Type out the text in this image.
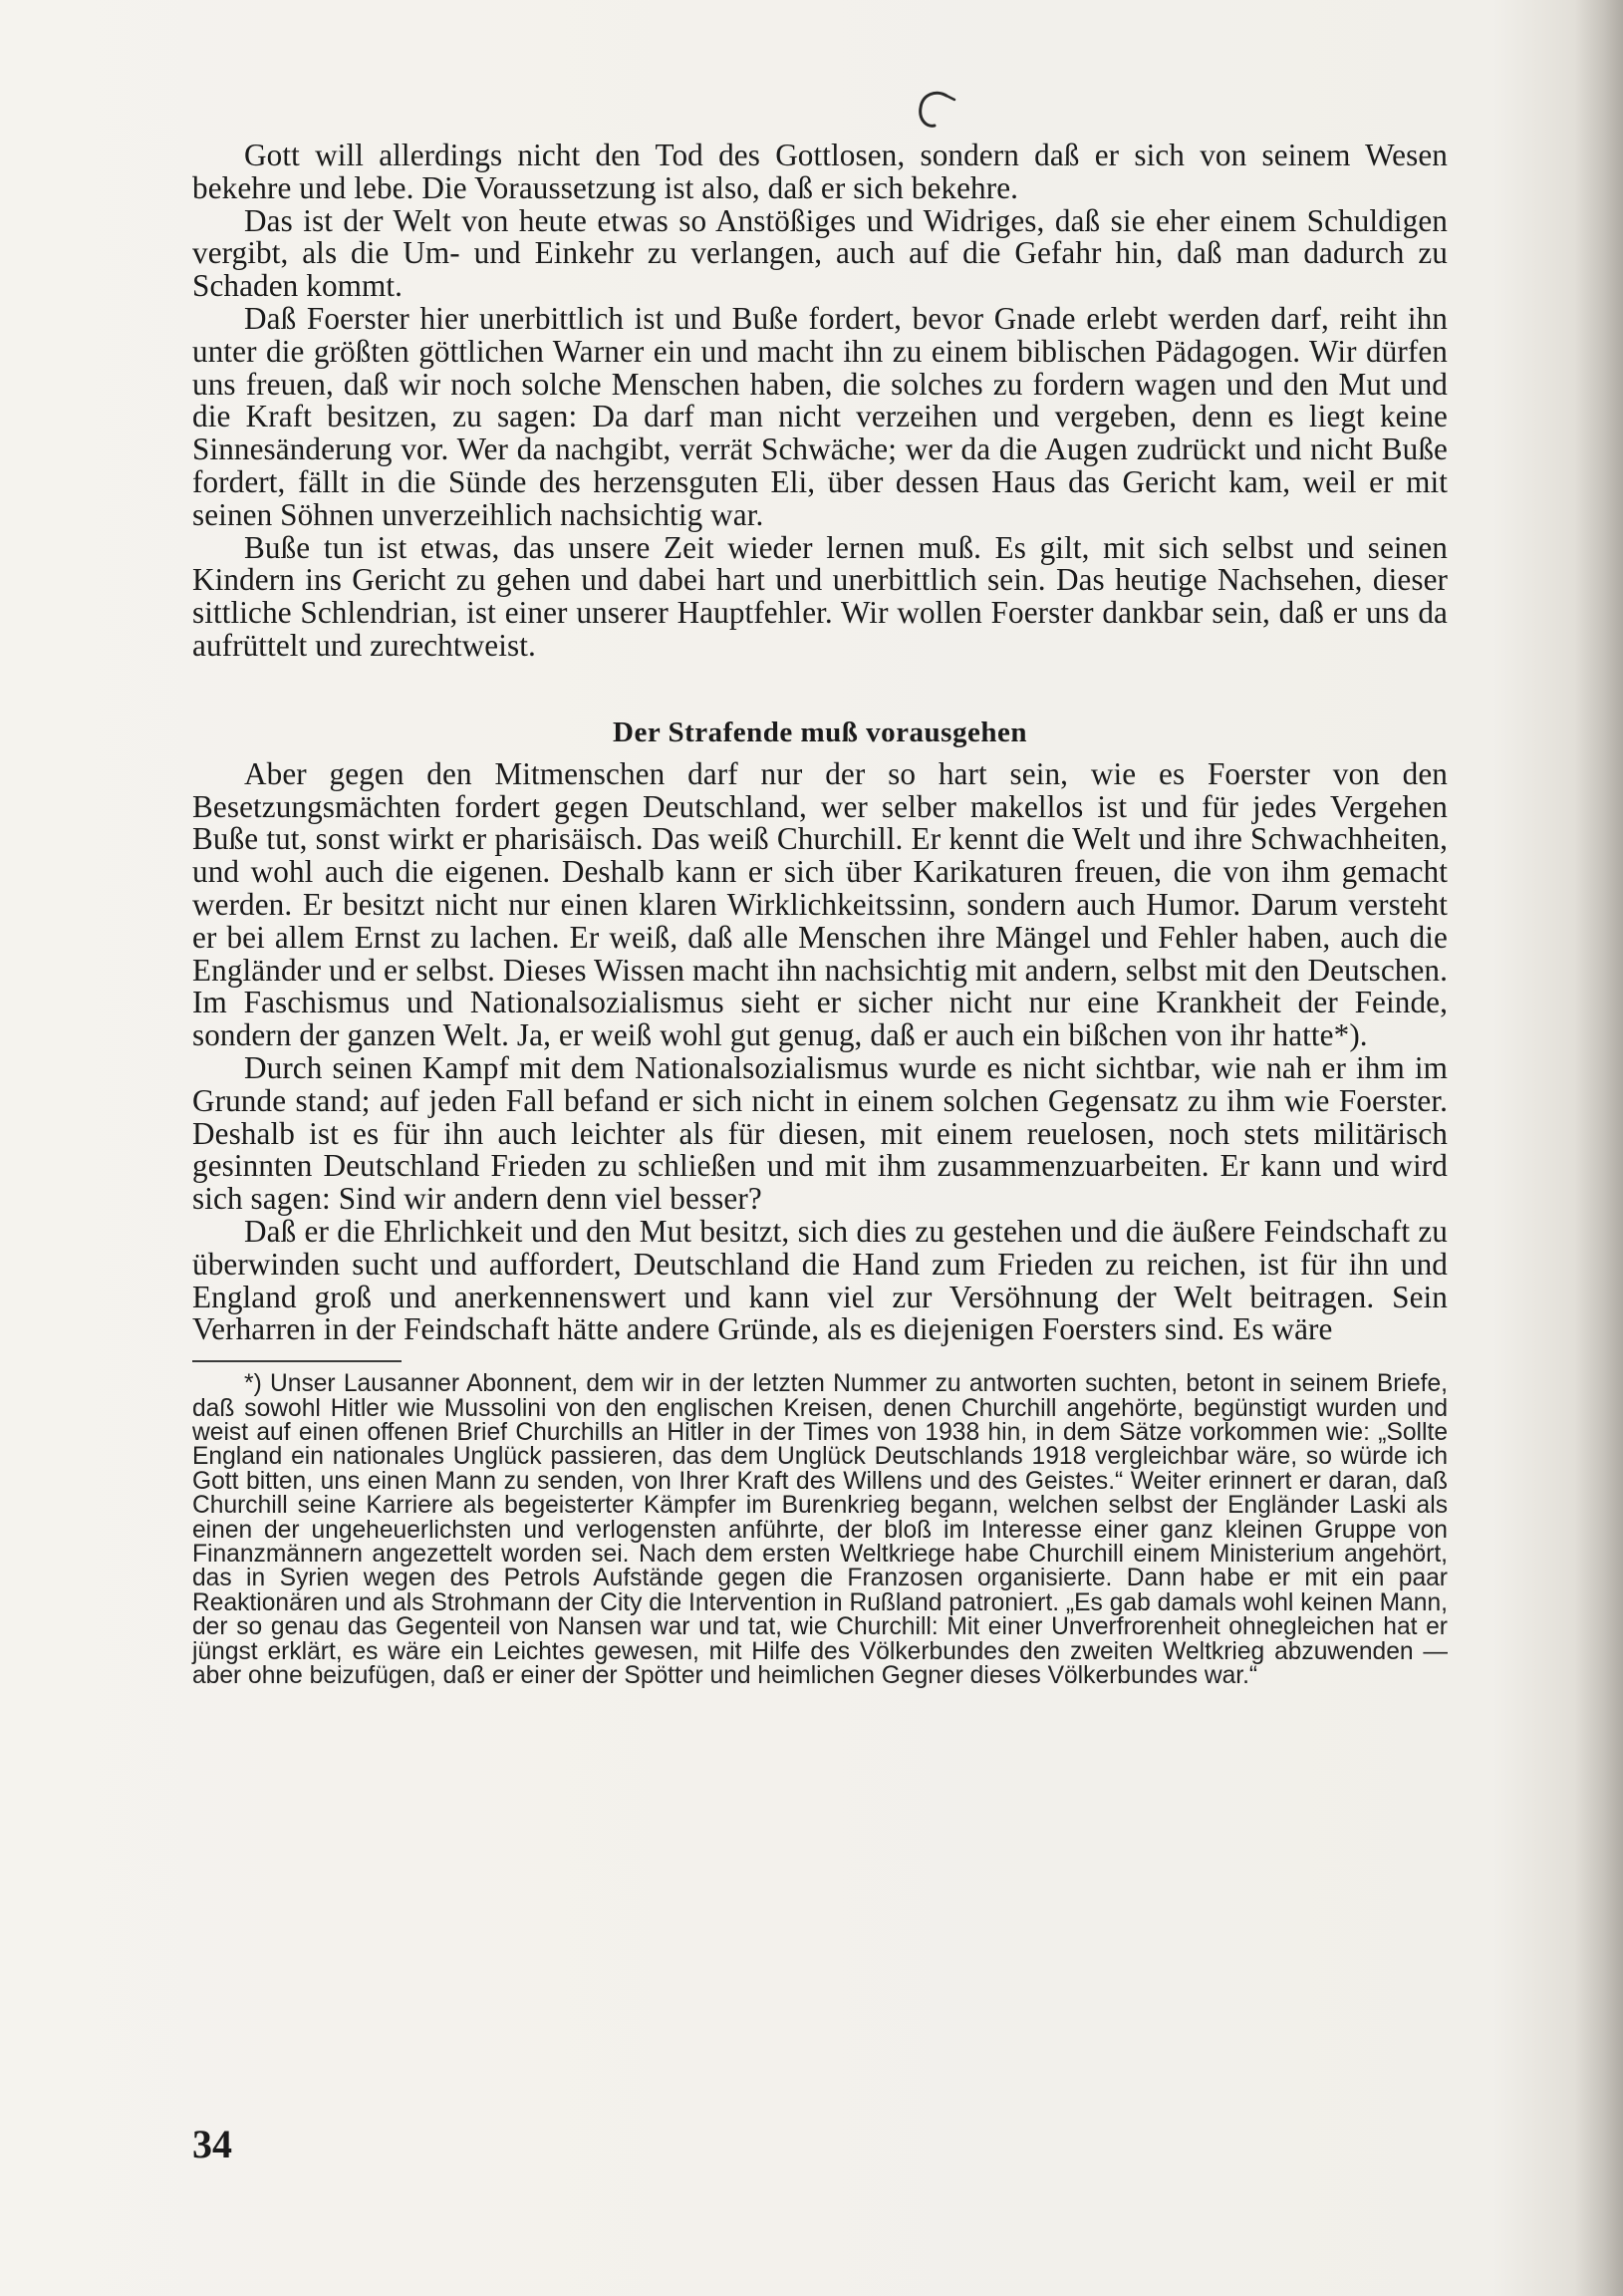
Gott will allerdings nicht den Tod des Gottlosen, sondern daß er sich von seinem Wesen bekehre und lebe. Die Voraussetzung ist also, daß er sich bekehre.

Das ist der Welt von heute etwas so Anstößiges und Widriges, daß sie eher einem Schuldigen vergibt, als die Um- und Einkehr zu verlangen, auch auf die Gefahr hin, daß man dadurch zu Schaden kommt.

Daß Foerster hier unerbittlich ist und Buße fordert, bevor Gnade erlebt werden darf, reiht ihn unter die größten göttlichen Warner ein und macht ihn zu einem biblischen Pädagogen. Wir dürfen uns freuen, daß wir noch solche Menschen haben, die solches zu fordern wagen und den Mut und die Kraft besitzen, zu sagen: Da darf man nicht verzeihen und vergeben, denn es liegt keine Sinnesänderung vor. Wer da nachgibt, verrät Schwäche; wer da die Augen zudrückt und nicht Buße fordert, fällt in die Sünde des herzensguten Eli, über dessen Haus das Gericht kam, weil er mit seinen Söhnen unverzeihlich nachsichtig war.

Buße tun ist etwas, das unsere Zeit wieder lernen muß. Es gilt, mit sich selbst und seinen Kindern ins Gericht zu gehen und dabei hart und unerbittlich sein. Das heutige Nachsehen, dieser sittliche Schlendrian, ist einer unserer Hauptfehler. Wir wollen Foerster dankbar sein, daß er uns da aufrüttelt und zurechtweist.

Der Strafende muß vorausgehen

Aber gegen den Mitmenschen darf nur der so hart sein, wie es Foerster von den Besetzungsmächten fordert gegen Deutschland, wer selber makellos ist und für jedes Vergehen Buße tut, sonst wirkt er pharisäisch. Das weiß Churchill. Er kennt die Welt und ihre Schwachheiten, und wohl auch die eigenen. Deshalb kann er sich über Karikaturen freuen, die von ihm gemacht werden. Er besitzt nicht nur einen klaren Wirklichkeitssinn, sondern auch Humor. Darum versteht er bei allem Ernst zu lachen. Er weiß, daß alle Menschen ihre Mängel und Fehler haben, auch die Engländer und er selbst. Dieses Wissen macht ihn nachsichtig mit andern, selbst mit den Deutschen. Im Faschismus und Nationalsozialismus sieht er sicher nicht nur eine Krankheit der Feinde, sondern der ganzen Welt. Ja, er weiß wohl gut genug, daß er auch ein bißchen von ihr hatte*).

Durch seinen Kampf mit dem Nationalsozialismus wurde es nicht sichtbar, wie nah er ihm im Grunde stand; auf jeden Fall befand er sich nicht in einem solchen Gegensatz zu ihm wie Foerster. Deshalb ist es für ihn auch leichter als für diesen, mit einem reuelosen, noch stets militärisch gesinnten Deutschland Frieden zu schließen und mit ihm zusammenzuarbeiten. Er kann und wird sich sagen: Sind wir andern denn viel besser?

Daß er die Ehrlichkeit und den Mut besitzt, sich dies zu gestehen und die äußere Feindschaft zu überwinden sucht und auffordert, Deutschland die Hand zum Frieden zu reichen, ist für ihn und England groß und anerkennenswert und kann viel zur Versöhnung der Welt beitragen. Sein Verharren in der Feindschaft hätte andere Gründe, als es diejenigen Foersters sind. Es wäre

*) Unser Lausanner Abonnent, dem wir in der letzten Nummer zu antworten suchten, betont in seinem Briefe, daß sowohl Hitler wie Mussolini von den englischen Kreisen, denen Churchill angehörte, begünstigt wurden und weist auf einen offenen Brief Churchills an Hitler in der Times von 1938 hin, in dem Sätze vorkommen wie: „Sollte England ein nationales Unglück passieren, das dem Unglück Deutschlands 1918 vergleichbar wäre, so würde ich Gott bitten, uns einen Mann zu senden, von Ihrer Kraft des Willens und des Geistes.“ Weiter erinnert er daran, daß Churchill seine Karriere als begeisterter Kämpfer im Burenkrieg begann, welchen selbst der Engländer Laski als einen der ungeheuerlichsten und verlogensten anführte, der bloß im Interesse einer ganz kleinen Gruppe von Finanzmännern angezettelt worden sei. Nach dem ersten Weltkriege habe Churchill einem Ministerium angehört, das in Syrien wegen des Petrols Aufstände gegen die Franzosen organisierte. Dann habe er mit ein paar Reaktionären und als Strohmann der City die Intervention in Rußland patroniert. „Es gab damals wohl keinen Mann, der so genau das Gegenteil von Nansen war und tat, wie Churchill: Mit einer Unverfrorenheit ohnegleichen hat er jüngst erklärt, es wäre ein Leichtes gewesen, mit Hilfe des Völkerbundes den zweiten Weltkrieg abzuwenden — aber ohne beizufügen, daß er einer der Spötter und heimlichen Gegner dieses Völkerbundes war.“

34
